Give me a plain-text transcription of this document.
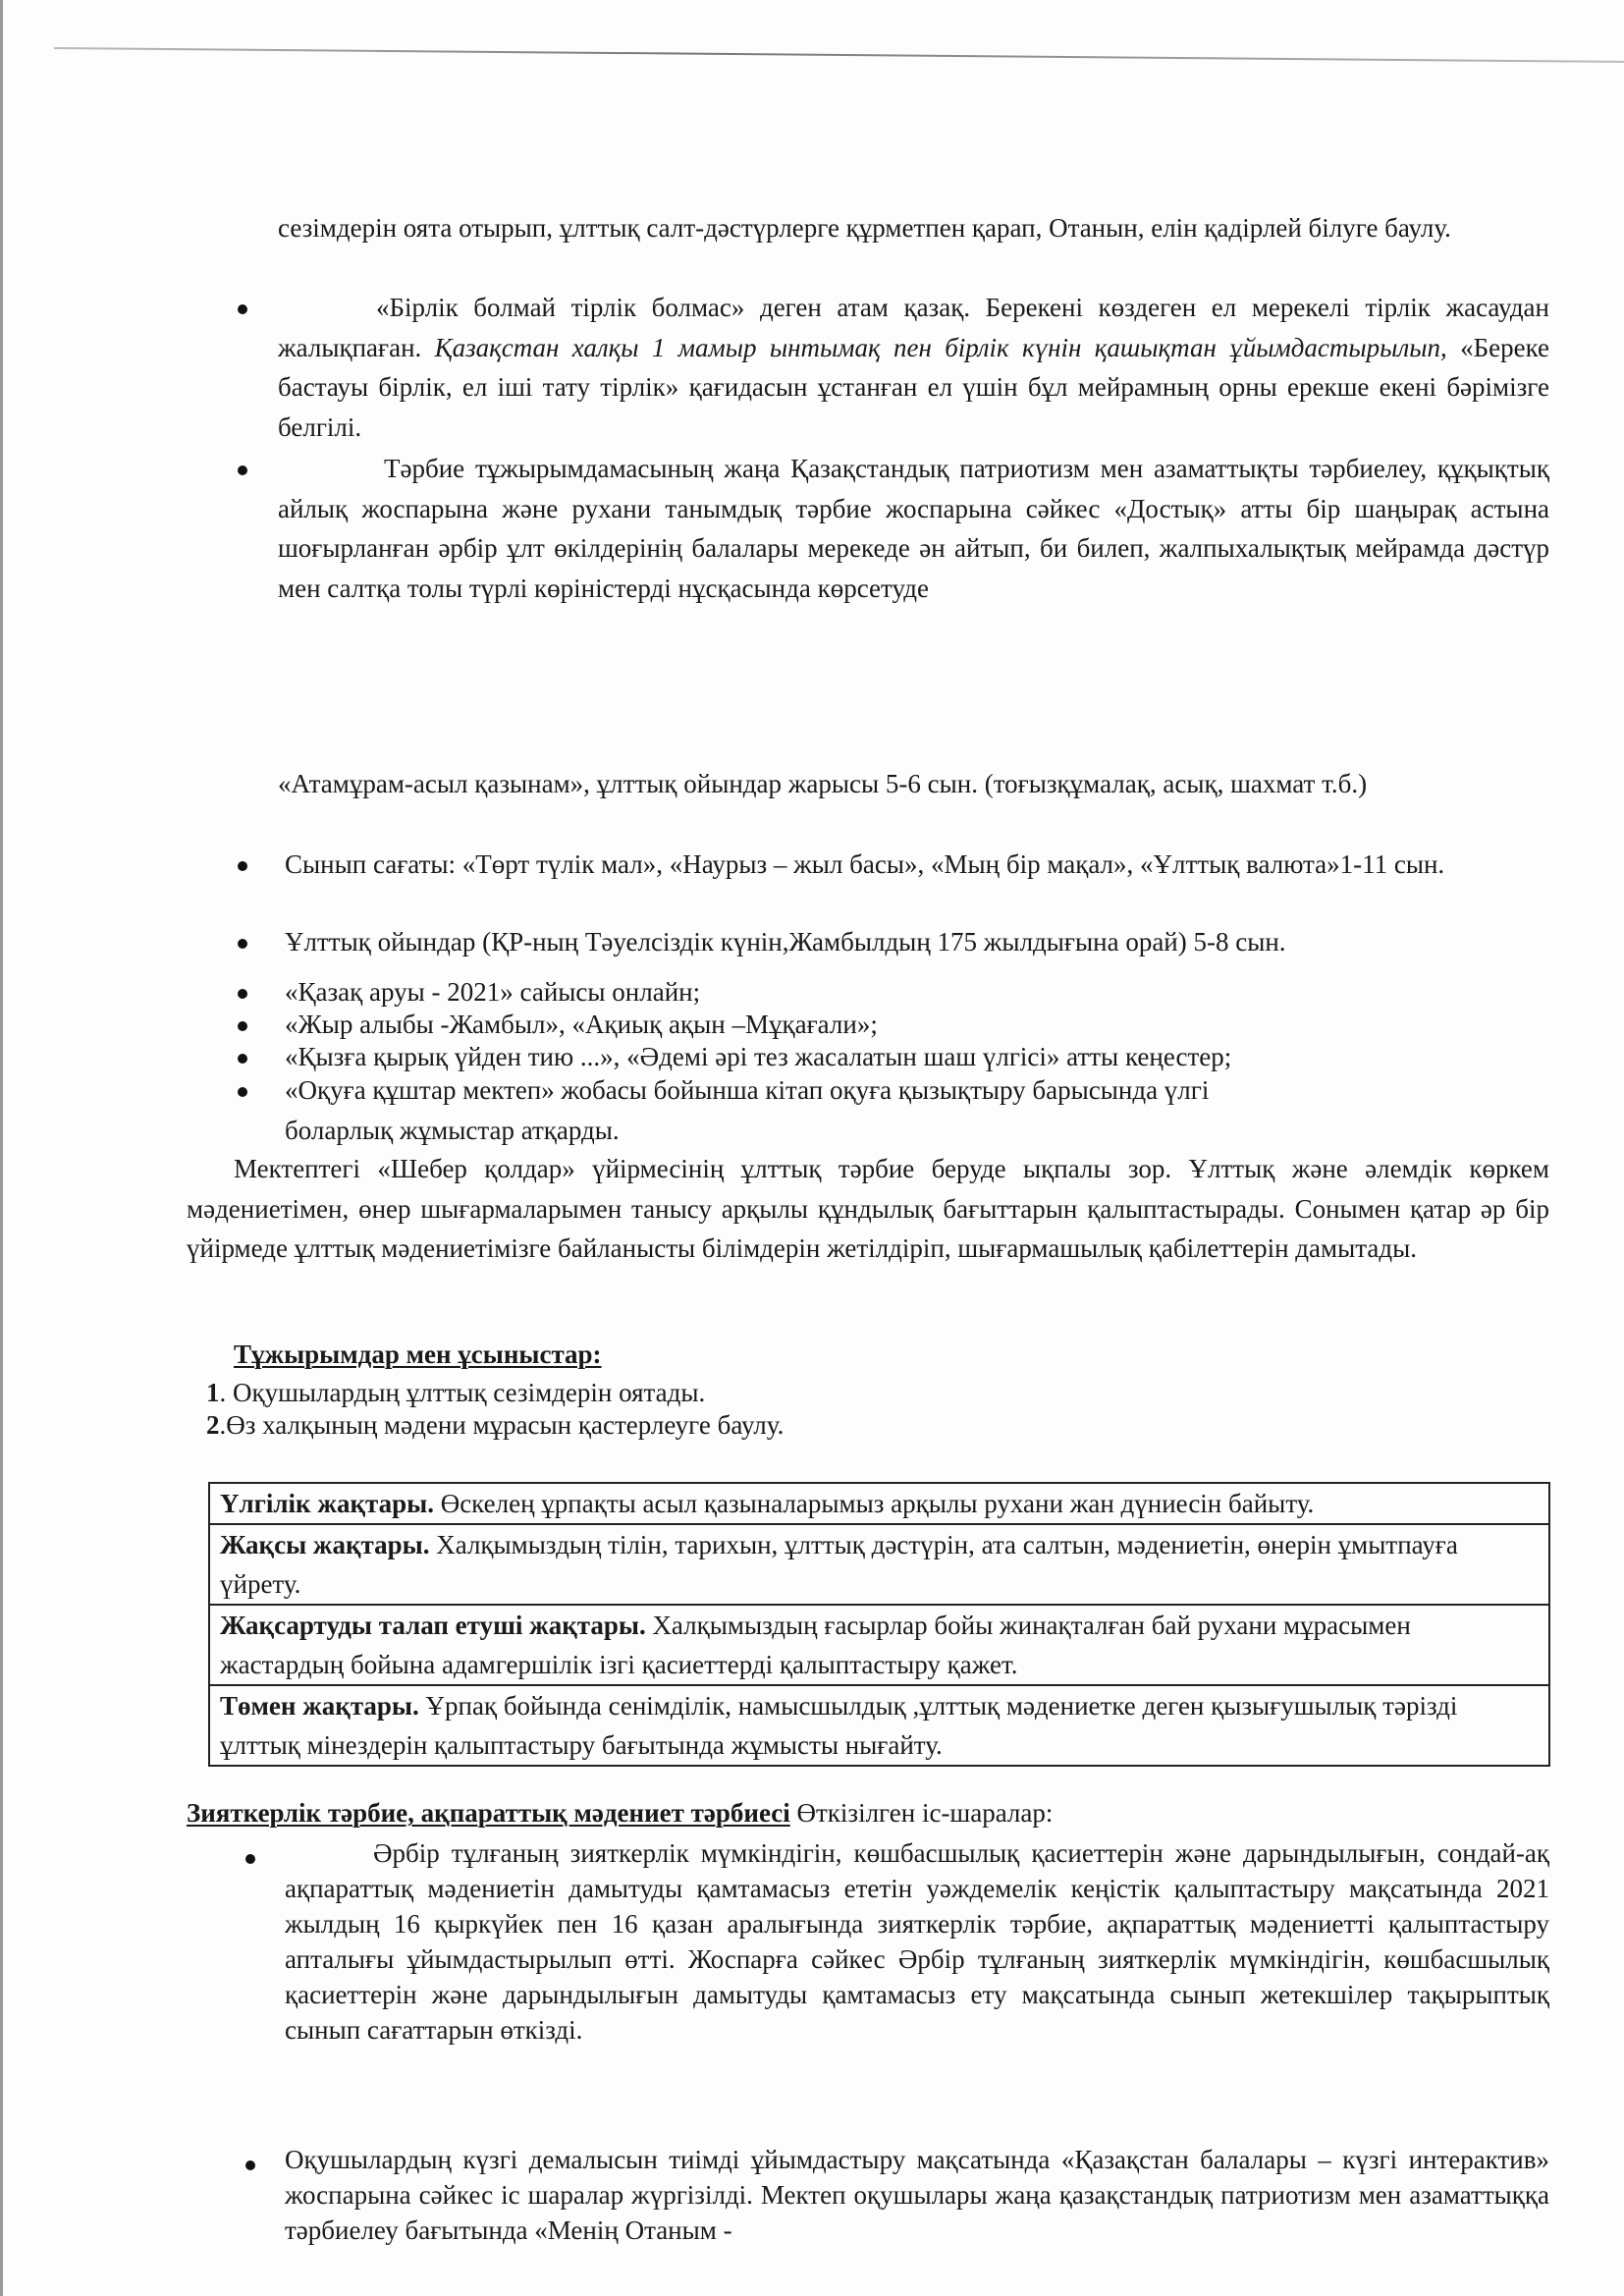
сезімдерін оята отырып, ұлттық салт-дәстүрлерге құрметпен қарап, Отанын, елін қадірлей білуге баулу.
«Бірлік болмай тірлік болмас» деген атам қазақ. Берекені көздеген ел мерекелі тірлік жасаудан жалықпаған. Қазақстан халқы 1 мамыр ынтымақ пен бірлік күнін қашықтан ұйымдастырылып, «Береке бастауы бірлік, ел іші тату тірлік» қағидасын ұстанған ел үшін бұл мейрамның орны ерекше екені бәрімізге белгілі.
Тәрбие тұжырымдамасының жаңа Қазақстандық патриотизм мен азаматтықты тәрбиелеу, құқықтық айлық жоспарына және рухани танымдық тәрбие жоспарына сәйкес «Достық» атты бір шаңырақ астына шоғырланған әрбір ұлт өкілдерінің балалары мерекеде ән айтып, би билеп, жалпыхалықтық мейрамда дәстүр мен салтқа толы түрлі көріністерді нұсқасында көрсетуде
«Атамұрам-асыл қазынам», ұлттық ойындар жарысы 5-6 сын. (тоғызқұмалақ, асық, шахмат т.б.)
Сынып сағаты: «Төрт түлік мал», «Наурыз – жыл басы», «Мың бір мақал», «Ұлттық валюта»1-11 сын.
Ұлттық ойындар (ҚР-ның Тәуелсіздік күнін,Жамбылдың 175 жылдығына орай) 5-8 сын.
«Қазақ аруы - 2021» сайысы онлайн;
«Жыр алыбы -Жамбыл», «Ақиық ақын –Мұқағали»;
«Қызға қырық үйден тию ...», «Әдемі әрі тез жасалатын шаш үлгісі» атты кеңестер;
«Оқуға құштар мектеп» жобасы бойынша кітап оқуға қызықтыру барысында үлгі боларлық жұмыстар атқарды.
Мектептегі «Шебер қолдар» үйірмесінің ұлттық тәрбие беруде ықпалы зор. Ұлттық және әлемдік көркем мәдениетімен, өнер шығармаларымен танысу арқылы құндылық бағыттарын қалыптастырады. Сонымен қатар әр бір үйірмеде ұлттық мәдениетімізге байланысты білімдерін жетілдіріп, шығармашылық қабілеттерін дамытады.
Тұжырымдар мен ұсыныстар:
1. Оқушылардың ұлттық сезімдерін оятады.
2.Өз халқының мәдени мұрасын қастерлеуге баулу.
Үлгілік жақтары. Өскелең ұрпақты асыл қазыналарымыз арқылы рухани жан дүниесін байыту.
Жақсы жақтары. Халқымыздың тілін, тарихын, ұлттық дәстүрін, ата салтын, мәдениетін, өнерін ұмытпауға үйрету.
Жақсартуды талап етуші жақтары. Халқымыздың ғасырлар бойы жинақталған бай рухани мұрасымен жастардың бойына адамгершілік ізгі қасиеттерді қалыптастыру қажет.
Төмен жақтары. Ұрпақ бойында сенімділік, намысшылдық ,ұлттық мәдениетке деген қызығушылық тәрізді ұлттық мінездерін қалыптастыру бағытында жұмысты нығайту.
Зияткерлік тәрбие, ақпараттық мәдениет тәрбиесі Өткізілген іс-шаралар:
Әрбір тұлғаның зияткерлік мүмкіндігін, көшбасшылық қасиеттерін және дарындылығын, сондай-ақ ақпараттық мәдениетін дамытуды қамтамасыз ететін уәждемелік кеңістік қалыптастыру мақсатында 2021 жылдың 16 қыркүйек пен 16 қазан аралығында зияткерлік тәрбие, ақпараттық мәдениетті қалыптастыру апталығы ұйымдастырылып өтті. Жоспарға сәйкес Әрбір тұлғаның зияткерлік мүмкіндігін, көшбасшылық қасиеттерін және дарындылығын дамытуды қамтамасыз ету мақсатында сынып жетекшілер тақырыптық сынып сағаттарын өткізді.
Оқушылардың күзгі демалысын тиімді ұйымдастыру мақсатында «Қазақстан балалары – күзгі интерактив» жоспарына сәйкес іс шаралар жүргізілді. Мектеп оқушылары жаңа қазақстандық патриотизм мен азаматтыққа тәрбиелеу бағытында «Менің Отаным -
